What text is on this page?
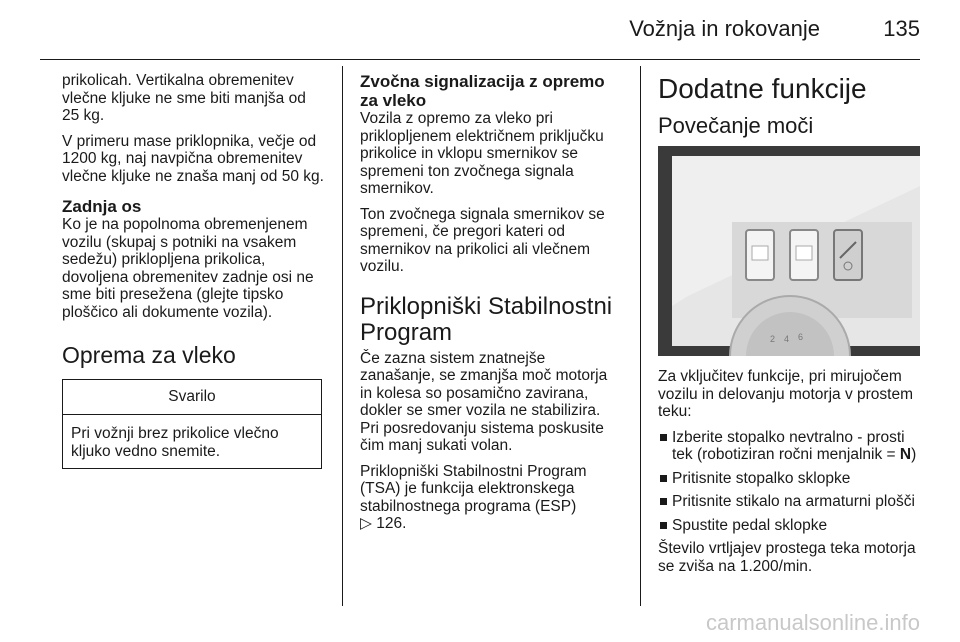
Vožnja in rokovanje	135

prikolicah. Vertikalna obremenitev vlečne kljuke ne sme biti manjša od 25 kg.

V primeru mase priklopnika, večje od 1200 kg, naj navpična obremenitev vlečne kljuke ne znaša manj od 50 kg.

Zadnja os

Ko je na popolnoma obremenjenem vozilu (skupaj s potniki na vsakem sedežu) priklopljena prikolica, dovoljena obremenitev zadnje osi ne sme biti presežena (glejte tipsko ploščico ali dokumente vozila).

Oprema za vleko
Svarilo
Pri vožnji brez prikolice vlečno kljuko vedno snemite.
Zvočna signalizacija z opremo za vleko

Vozila z opremo za vleko pri priklopljenem električnem priključku prikolice in vklopu smernikov se spremeni ton zvočnega signala smernikov.

Ton zvočnega signala smernikov se spremeni, če pregori kateri od smernikov na prikolici ali vlečnem vozilu.

Priklopniški Stabilnostni Program

Če zazna sistem znatnejše zanašanje, se zmanjša moč motorja in kolesa so posamično zavirana, dokler se smer vozila ne stabilizira. Pri posredovanju sistema poskusite čim manj sukati volan.

Priklopniški Stabilnostni Program (TSA) je funkcija elektronskega stabilnostnega programa (ESP)
▷ 126.

Dodatne funkcije
Povečanje moči
2 4 6

Za vključitev funkcije, pri mirujočem vozilu in delovanju motorja v prostem teku:

Izberite stopalko nevtralno - prosti tek (robotiziran ročni menjalnik = N)
Pritisnite stopalko sklopke
Pritisnite stikalo na armaturni plošči
Spustite pedal sklopke

Število vrtljajev prostega teka motorja se zviša na 1.200/min.

carmanualsonline.info
